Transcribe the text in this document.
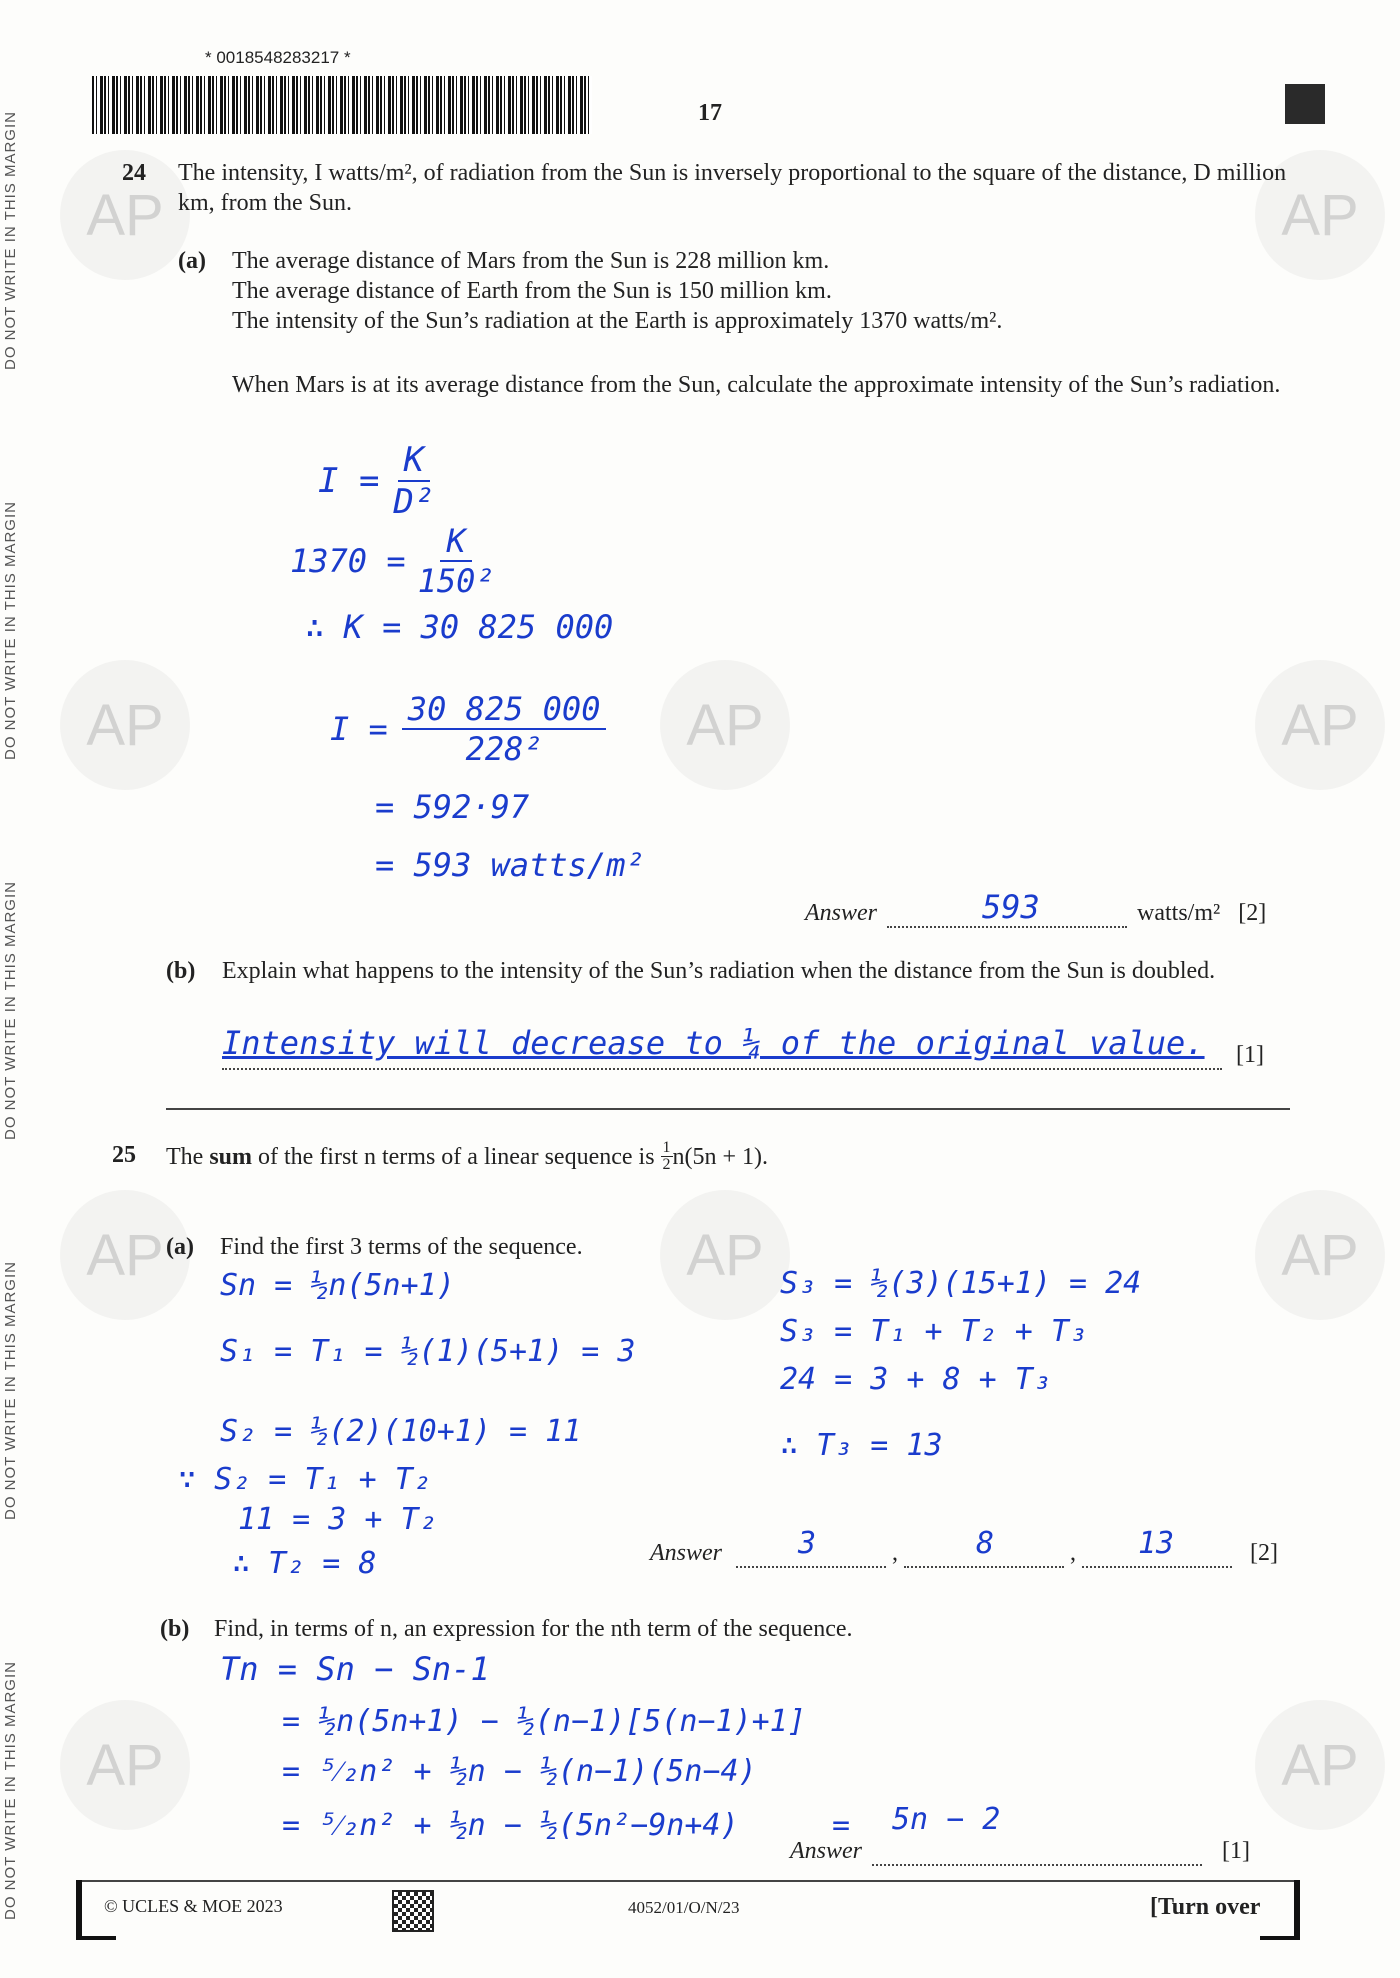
DO NOT WRITE IN THIS MARGIN
DO NOT WRITE IN THIS MARGIN
DO NOT WRITE IN THIS MARGIN
DO NOT WRITE IN THIS MARGIN
DO NOT WRITE IN THIS MARGIN
AP	AP
AP	AP	AP
AP	AP	AP
AP	AP
* 0018548283217 *
17
24 The intensity, I watts/m², of radiation from the Sun is inversely proportional to the square of the distance, D million km, from the Sun.
(a) The average distance of Mars from the Sun is 228 million km.
The average distance of Earth from the Sun is 150 million km.
The intensity of the Sun’s radiation at the Earth is approximately 1370 watts/m².
When Mars is at its average distance from the Sun, calculate the approximate intensity of the Sun’s radiation.
$I = \frac{K}{\text{D²}}$
$1370 = \frac{K}{\text{150²}}$
∴ K = 30 825 000
$I = \frac{30 825 000}{\text{228²}}$
= 592·97
= 593 watts/m²
Answer	593	watts/m² [2]
(b) Explain what happens to the intensity of the Sun’s radiation when the distance from the Sun is doubled.
Intensity will decrease to ¼ of the original value. [1]
25 The sum of the first n terms of a linear sequence is $\frac{1}{2} n(5n + 1)$.
(a) Find the first 3 terms of the sequence.
Sn = ½n(5n+1)
S₁ = T₁ = ½(1)(5+1) = 3
S₂ = ½(2)(10+1) = 11
∵ S₂ = T₁ + T₂
11 = 3 + T₂
∴ T₂ = 8
S₃ = ½(3)(15+1) = 24
S₃ = T₁ + T₂ + T₃
24 = 3 + 8 + T₃
∴ T₃ = 13
Answer	3	,	8	, 13	[2]
(b) Find, in terms of n, an expression for the nth term of the sequence.
Tn = Sn − Sn-1
= ½n(5n+1) − ½(n−1)[5(n−1)+1]
= ⁵⁄₂n² + ½n − ½(n−1)(5n−4)
= ⁵⁄₂n² + ½n − ½(5n²−9n+4)	=
Answer
5n − 2
[1]
© UCLES & MOE 2023	4052/01/O/N/23	[Turn over
